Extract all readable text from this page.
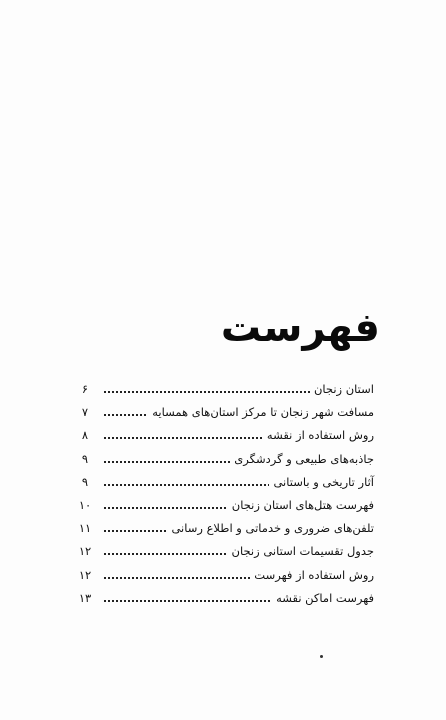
فهرست
استان زنجان
۶
مسافت شهر زنجان تا مرکز استان‌های همسایه
۷
روش استفاده از نقشه
۸
جاذبه‌های طبیعی و گردشگری
۹
آثار تاریخی و باستانی
۹
فهرست هتل‌های استان زنجان
۱۰
تلفن‌های ضروری و خدماتی و اطلاع رسانی
۱۱
جدول تقسیمات استانی زنجان
۱۲
روش استفاده از فهرست
۱۲
فهرست اماکن نقشه
۱۳
